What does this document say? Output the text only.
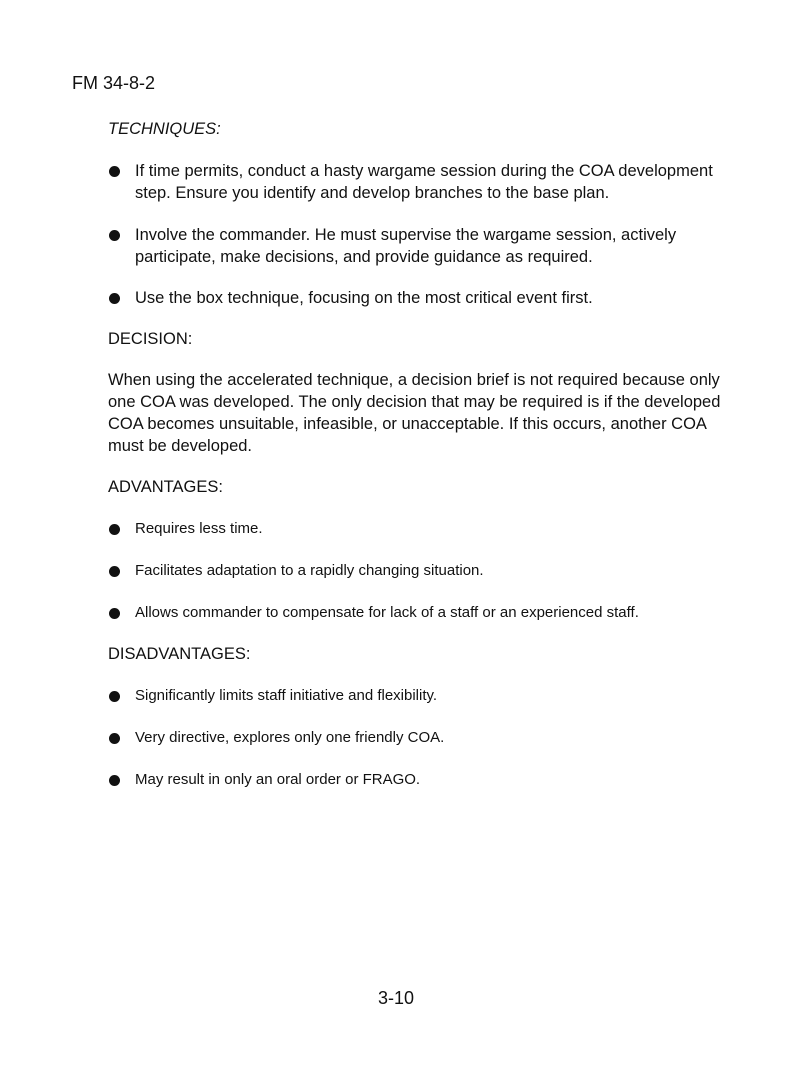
FM 34-8-2

TECHNIQUES:

If time permits, conduct a hasty wargame session during the COA development step. Ensure you identify and develop branches to the base plan.
Involve the commander. He must supervise the wargame session, actively participate, make decisions, and provide guidance as required.
Use the box technique, focusing on the most critical event first.

DECISION:

When using the accelerated technique, a decision brief is not required because only one COA was developed. The only decision that may be required is if the developed COA becomes unsuitable, infeasible, or unacceptable. If this occurs, another COA must be developed.

ADVANTAGES:

Requires less time.
Facilitates adaptation to a rapidly changing situation.
Allows commander to compensate for lack of a staff or an experienced staff.

DISADVANTAGES:

Significantly limits staff initiative and flexibility.
Very directive, explores only one friendly COA.
May result in only an oral order or FRAGO.
3-10
